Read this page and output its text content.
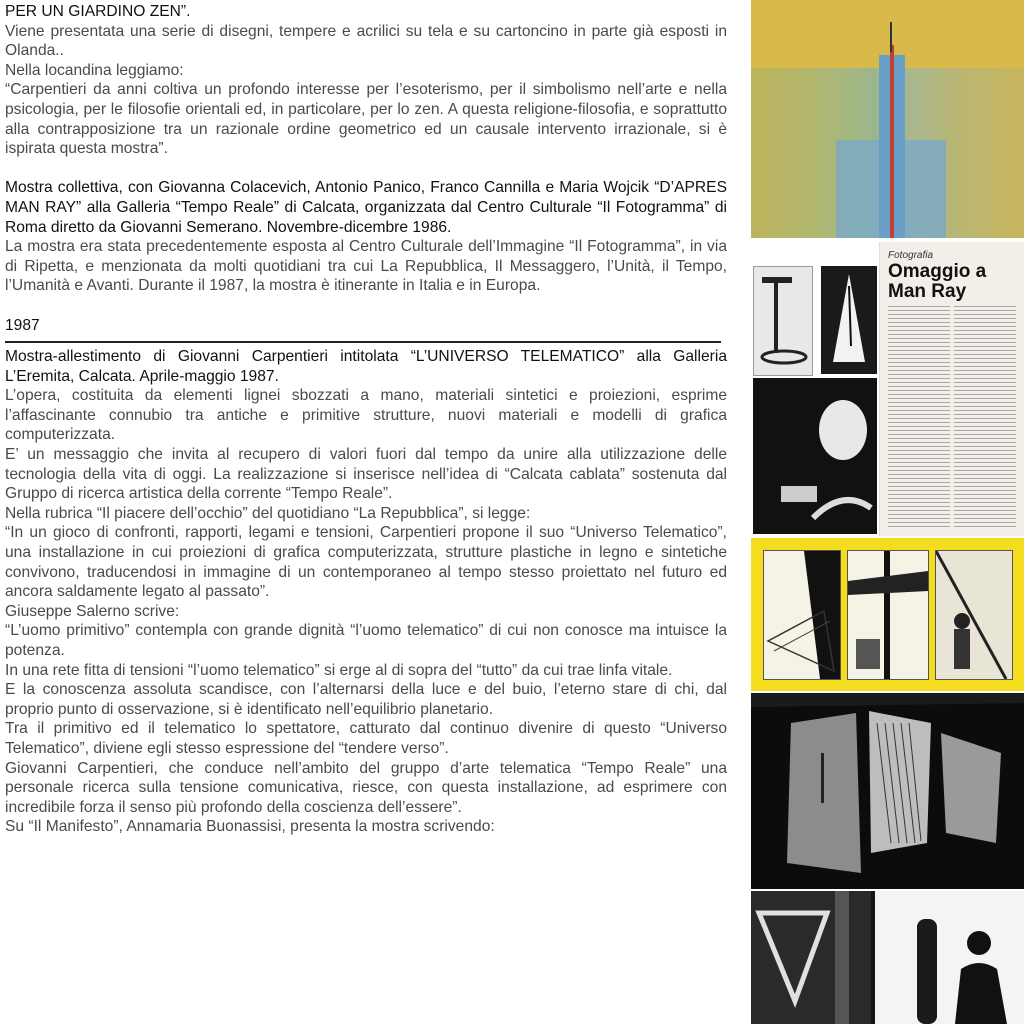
PER UN GIARDINO ZEN”.

Viene presentata una serie di disegni, tempere e acrilici su tela e su cartoncino in parte già esposti in Olanda..

Nella locandina leggiamo:

“Carpentieri da anni coltiva un profondo interesse per l’esoterismo, per il simbolismo nell’arte e nella psicologia, per le filosofie orientali ed, in particolare, per lo zen. A questa religione-filosofia, e soprattutto alla contrapposizione tra un razionale ordine geometrico ed un causale intervento irrazionale, si è ispirata questa mostra”.

Mostra collettiva, con Giovanna Colacevich, Antonio Panico, Franco Cannilla e Maria Wojcik “D’APRES MAN RAY” alla Galleria “Tempo Reale” di Calcata, organizzata dal Centro Culturale “Il Fotogramma” di Roma diretto da Giovanni Semerano. Novembre-dicembre 1986.

La mostra era stata precedentemente esposta al Centro Culturale dell’Immagine “Il Fotogramma”, in via di Ripetta, e menzionata da molti quotidiani tra cui La Repubblica, Il Messaggero, l’Unità, il Tempo, l’Umanità e Avanti. Durante il 1987, la mostra è itinerante in Italia e in Europa.

1987

Mostra-allestimento di Giovanni Carpentieri intitolata “L’UNIVERSO TELEMATICO” alla Galleria L’Eremita, Calcata. Aprile-maggio 1987.

L’opera, costituita da elementi lignei sbozzati a mano, materiali sintetici e proiezioni, esprime l’affascinante connubio tra antiche e primitive strutture, nuovi materiali e modelli di grafica computerizzata.

E’ un messaggio che invita al recupero di valori fuori dal tempo da unire alla utilizzazione delle tecnologia della vita di oggi. La realizzazione si inserisce nell’idea di “Calcata cablata” sostenuta dal Gruppo di ricerca artistica della corrente “Tempo Reale”.

Nella rubrica “Il piacere dell’occhio” del quotidiano “La Repubblica”, si legge:

“In un gioco di confronti, rapporti, legami e tensioni, Carpentieri propone il suo “Universo Telematico”, una installazione in cui proiezioni di grafica computerizzata, strutture plastiche in legno e sintetiche convivono, traducendosi in immagine di un contemporaneo al tempo stesso proiettato nel futuro ed ancora saldamente legato al passato”.

Giuseppe Salerno scrive:

“L’uomo primitivo” contempla con grande dignità “l’uomo telematico” di cui non conosce ma intuisce la potenza.

In una rete fitta di tensioni “l’uomo telematico” si erge al di sopra del “tutto” da cui trae linfa vitale.

E la conoscenza assoluta scandisce, con l’alternarsi della luce e del buio, l’eterno stare di chi, dal proprio punto di osservazione, si è identificato nell’equilibrio planetario.

Tra il primitivo ed il telematico lo spettatore, catturato dal continuo divenire di questo “Universo Telematico”, diviene egli stesso espressione del “tendere verso”.

Giovanni Carpentieri, che conduce nell’ambito del gruppo d’arte telematica “Tempo Reale” una personale ricerca sulla tensione comunicativa, riesce, con questa installazione, ad esprimere con incredibile forza il senso più profondo della coscienza dell’essere”.

Su “Il Manifesto”, Annamaria Buonassisi, presenta la mostra scrivendo:

Fotografia
Omaggio a Man Ray
